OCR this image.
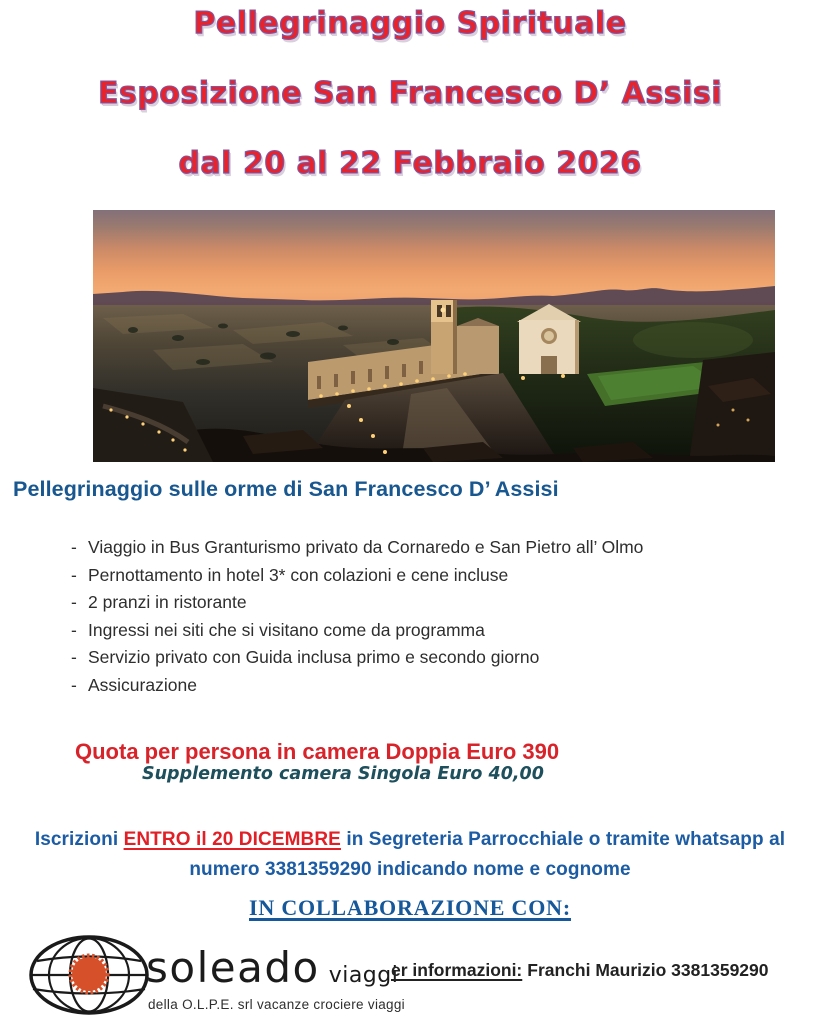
Pellegrinaggio Spirituale
Esposizione San Francesco D’ Assisi
dal 20 al 22 Febbraio 2026
Pellegrinaggio sulle orme di San Francesco D’ Assisi
- Viaggio in Bus Granturismo privato da Cornaredo e San Pietro all’ Olmo
- Pernottamento in hotel 3* con colazioni e cene incluse
- 2 pranzi in ristorante
- Ingressi nei siti che si visitano come da programma
- Servizio privato con Guida inclusa primo e secondo giorno
- Assicurazione
Quota per persona in camera Doppia Euro 390
Supplemento camera Singola Euro 40,00
Iscrizioni ENTRO il 20 DICEMBRE in Segreteria Parrocchiale o tramite whatsapp al
numero 3381359290 indicando nome e cognome
IN COLLABORAZIONE CON:
soleado viaggi
della O.L.P.E. srl vacanze crociere viaggi
er informazioni: Franchi Maurizio 3381359290
